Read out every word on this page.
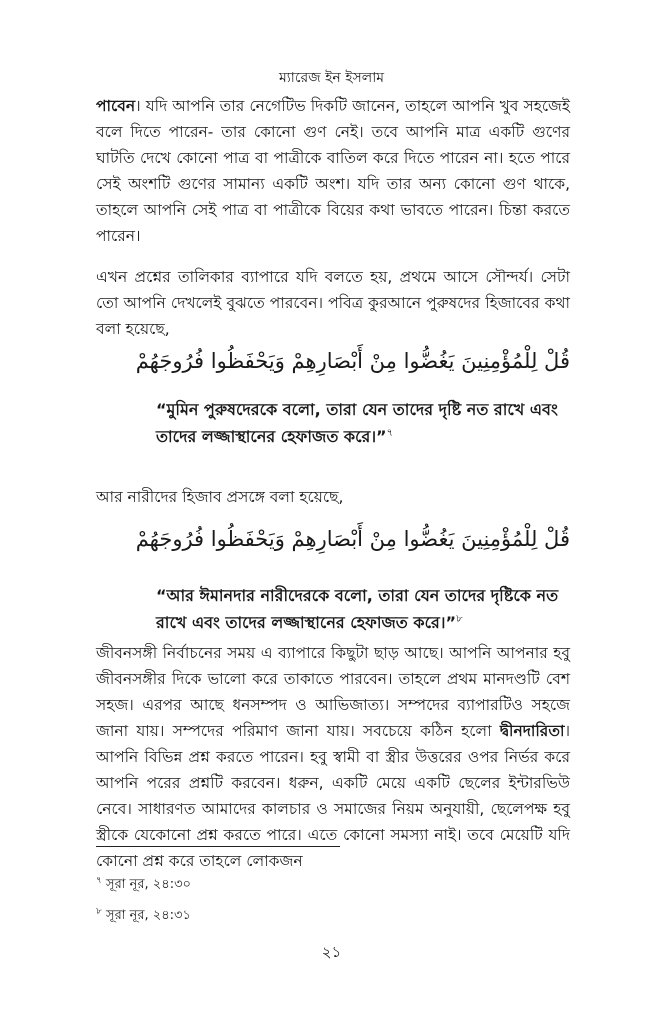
ম্যারেজ ইন ইসলাম

পাবেন। যদি আপনি তার নেগেটিভ দিকটি জানেন, তাহলে আপনি খুব সহজেই বলে দিতে পারেন- তার কোনো গুণ নেই। তবে আপনি মাত্র একটি গুণের ঘাটতি দেখে কোনো পাত্র বা পাত্রীকে বাতিল করে দিতে পারেন না। হতে পারে সেই অংশটি গুণের সামান্য একটি অংশ। যদি তার অন্য কোনো গুণ থাকে, তাহলে আপনি সেই পাত্র বা পাত্রীকে বিয়ের কথা ভাবতে পারেন। চিন্তা করতে পারেন।

এখন প্রশ্নের তালিকার ব্যাপারে যদি বলতে হয়, প্রথমে আসে সৌন্দর্য। সেটা তো আপনি দেখলেই বুঝতে পারবেন। পবিত্র কুরআনে পুরুষদের হিজাবের কথা বলা হয়েছে,

قُلْ لِلْمُؤْمِنِينَ يَغُضُّوا مِنْ أَبْصَارِهِمْ وَيَحْفَظُوا فُرُوجَهُمْ

“মুমিন পুরুষদেরকে বলো, তারা যেন তাদের দৃষ্টি নত রাখে এবং তাদের লজ্জাস্থানের হেফাজত করে।”$^৭$

আর নারীদের হিজাব প্রসঙ্গে বলা হয়েছে,

قُلْ لِلْمُؤْمِنِينَ يَغُضُّوا مِنْ أَبْصَارِهِمْ وَيَحْفَظُوا فُرُوجَهُمْ

“আর ঈমানদার নারীদেরকে বলো, তারা যেন তাদের দৃষ্টিকে নত রাখে এবং তাদের লজ্জাস্থানের হেফাজত করে।”$^৮$

জীবনসঙ্গী নির্বাচনের সময় এ ব্যাপারে কিছুটা ছাড় আছে। আপনি আপনার হবু জীবনসঙ্গীর দিকে ভালো করে তাকাতে পারবেন। তাহলে প্রথম মানদণ্ডটি বেশ সহজ। এরপর আছে ধনসম্পদ ও আভিজাত্য। সম্পদের ব্যাপারটিও সহজে জানা যায়। সম্পদের পরিমাণ জানা যায়। সবচেয়ে কঠিন হলো দ্বীনদারিতা। আপনি বিভিন্ন প্রশ্ন করতে পারেন। হবু স্বামী বা স্ত্রীর উত্তরের ওপর নির্ভর করে আপনি পরের প্রশ্নটি করবেন। ধরুন, একটি মেয়ে একটি ছেলের ইন্টারভিউ নেবে। সাধারণত আমাদের কালচার ও সমাজের নিয়ম অনুযায়ী, ছেলেপক্ষ হবু স্ত্রীকে যেকোনো প্রশ্ন করতে পারে। এতে কোনো সমস্যা নাই। তবে মেয়েটি যদি কোনো প্রশ্ন করে তাহলে লোকজন

$^৭$ সূরা নূর, ২৪:৩০
$^৮$ সূরা নূর, ২৪:৩১
২১
